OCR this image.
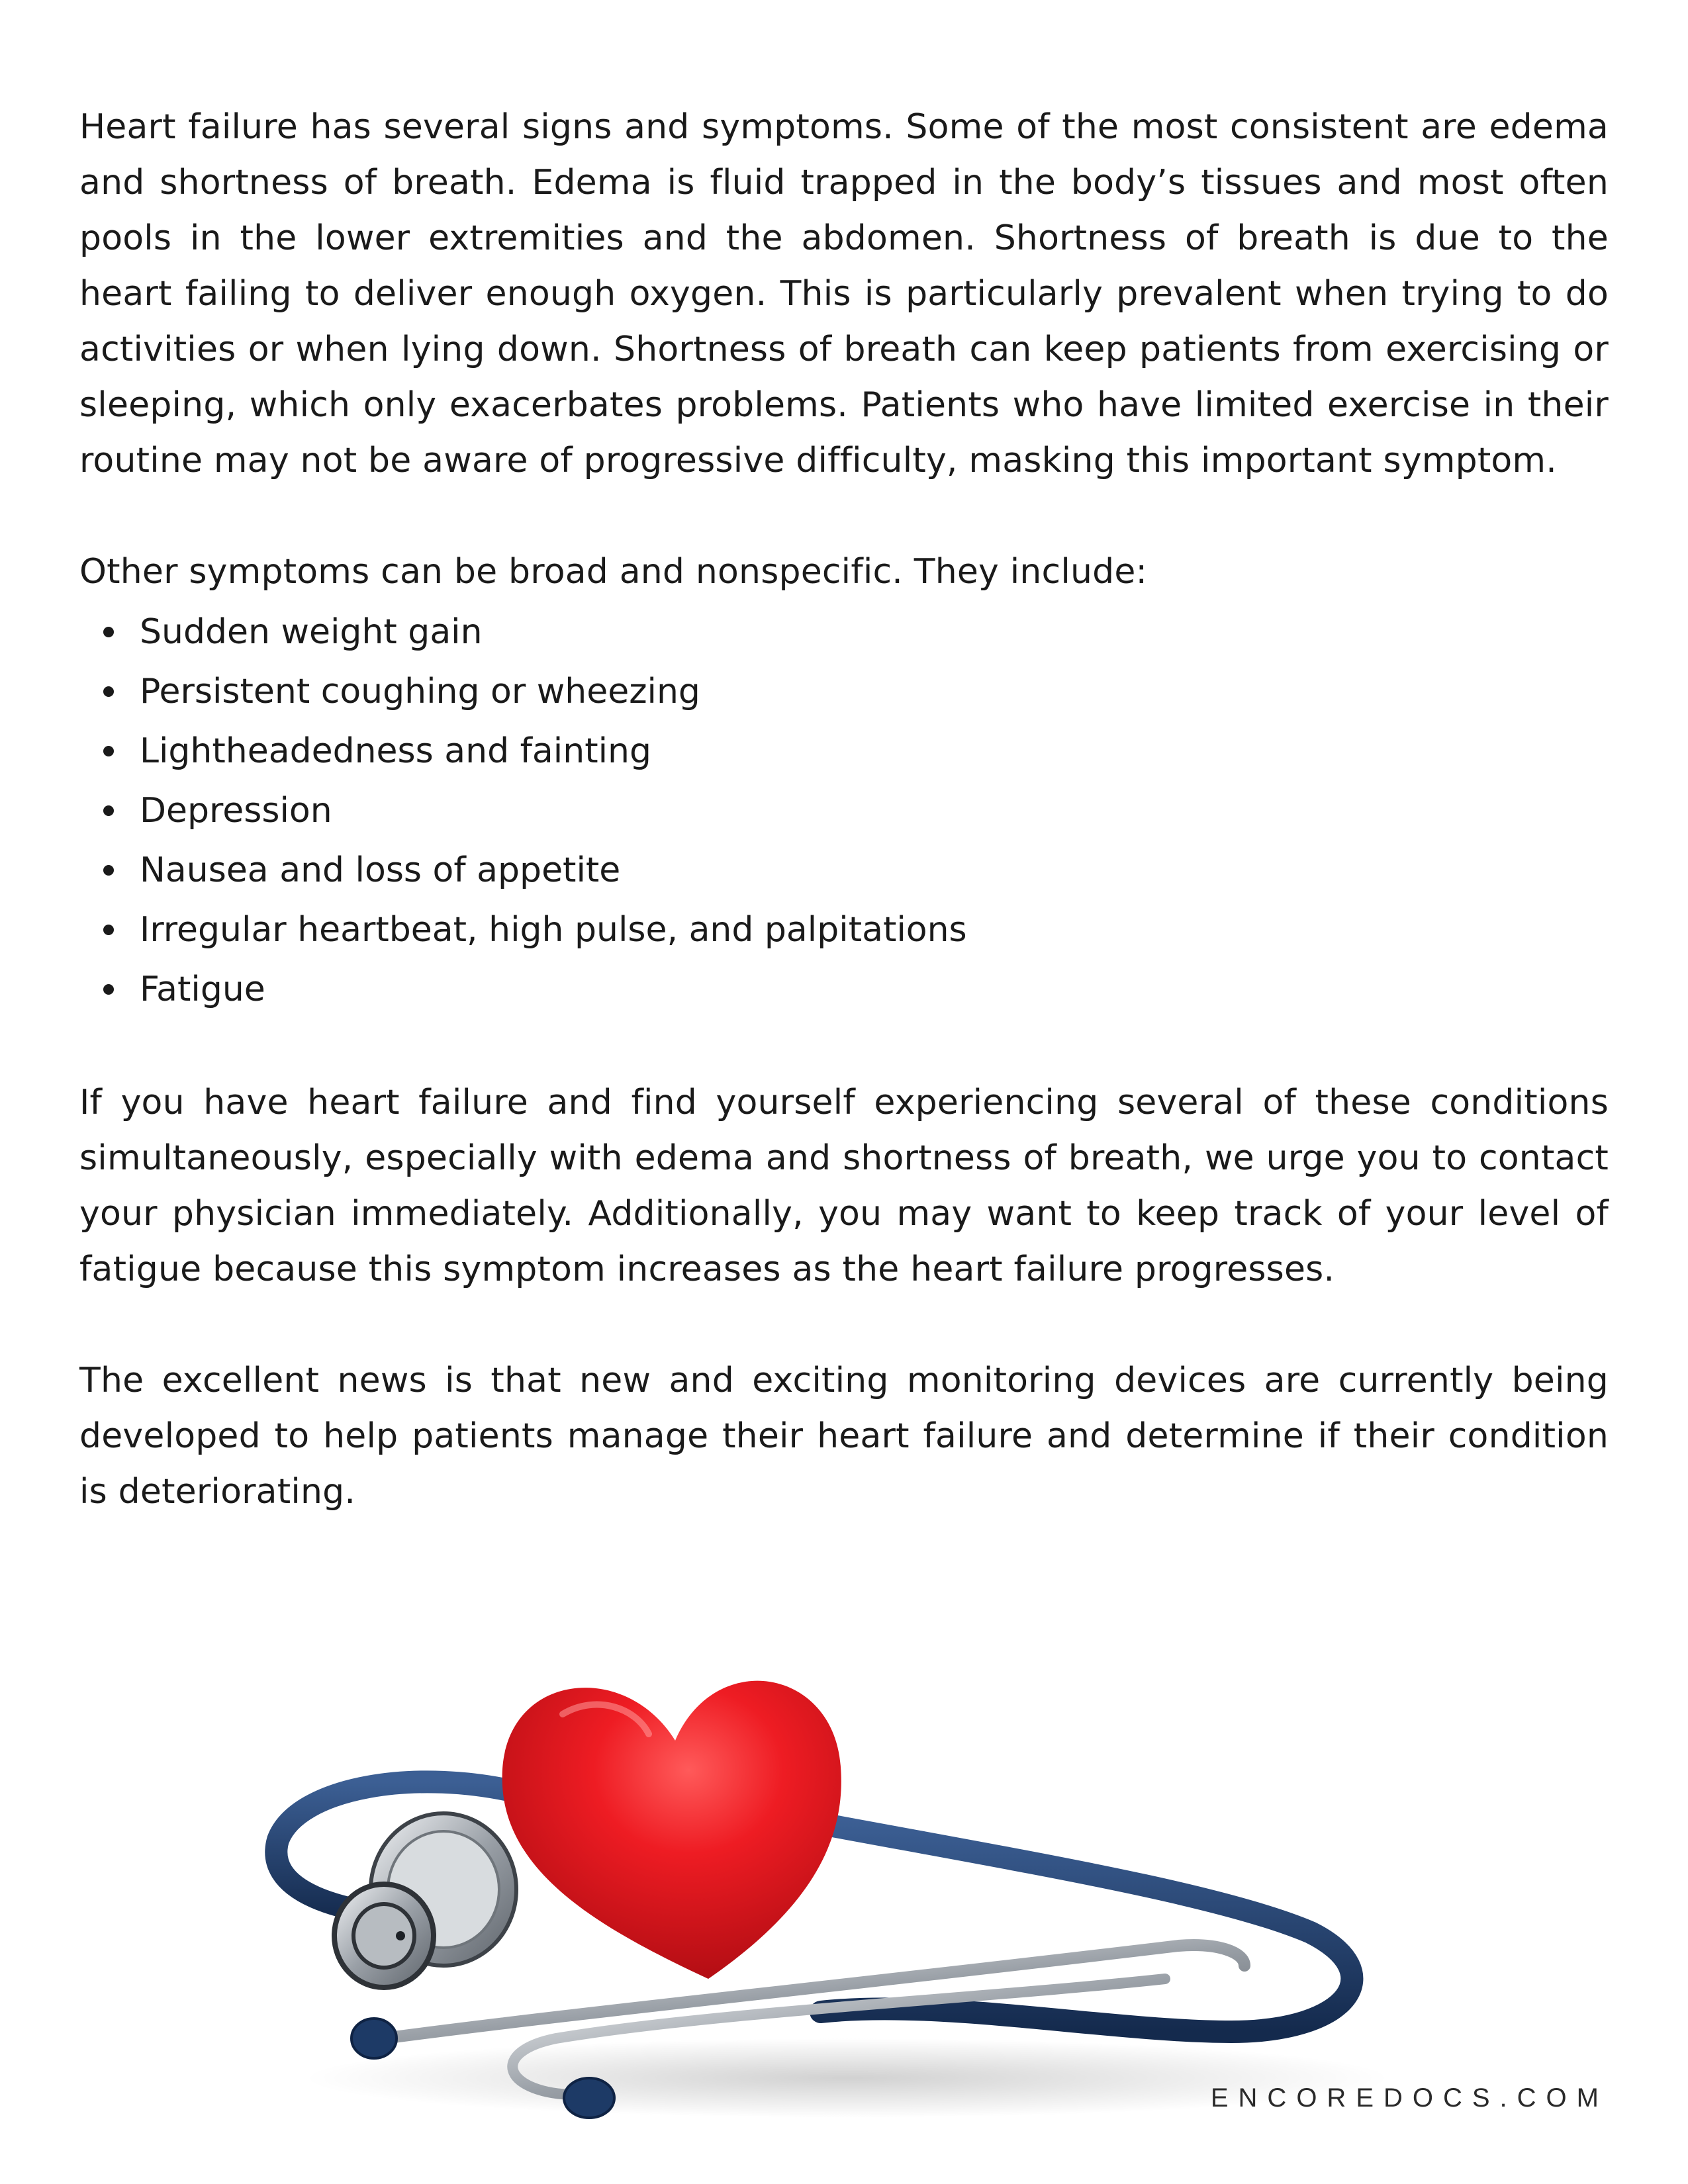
Heart failure has several signs and symptoms. Some of the most consistent are edema and shortness of breath. Edema is fluid trapped in the body’s tissues and most often pools in the lower extremities and the abdomen. Shortness of breath is due to the heart failing to deliver enough oxygen. This is particularly prevalent when trying to do activities or when lying down. Shortness of breath can keep patients from exercising or sleeping, which only exacerbates problems. Patients who have limited exercise in their routine may not be aware of progressive difficulty, masking this important symptom.

Other symptoms can be broad and nonspecific. They include:

Sudden weight gain
Persistent coughing or wheezing
Lightheadedness and fainting
Depression
Nausea and loss of appetite
Irregular heartbeat, high pulse, and palpitations
Fatigue

If you have heart failure and find yourself experiencing several of these conditions simultaneously, especially with edema and shortness of breath, we urge you to contact your physician immediately. Additionally, you may want to keep track of your level of fatigue because this symptom increases as the heart failure progresses.

The excellent news is that new and exciting monitoring devices are currently being developed to help patients manage their heart failure and determine if their condition is deteriorating.

ENCOREDOCS.COM
